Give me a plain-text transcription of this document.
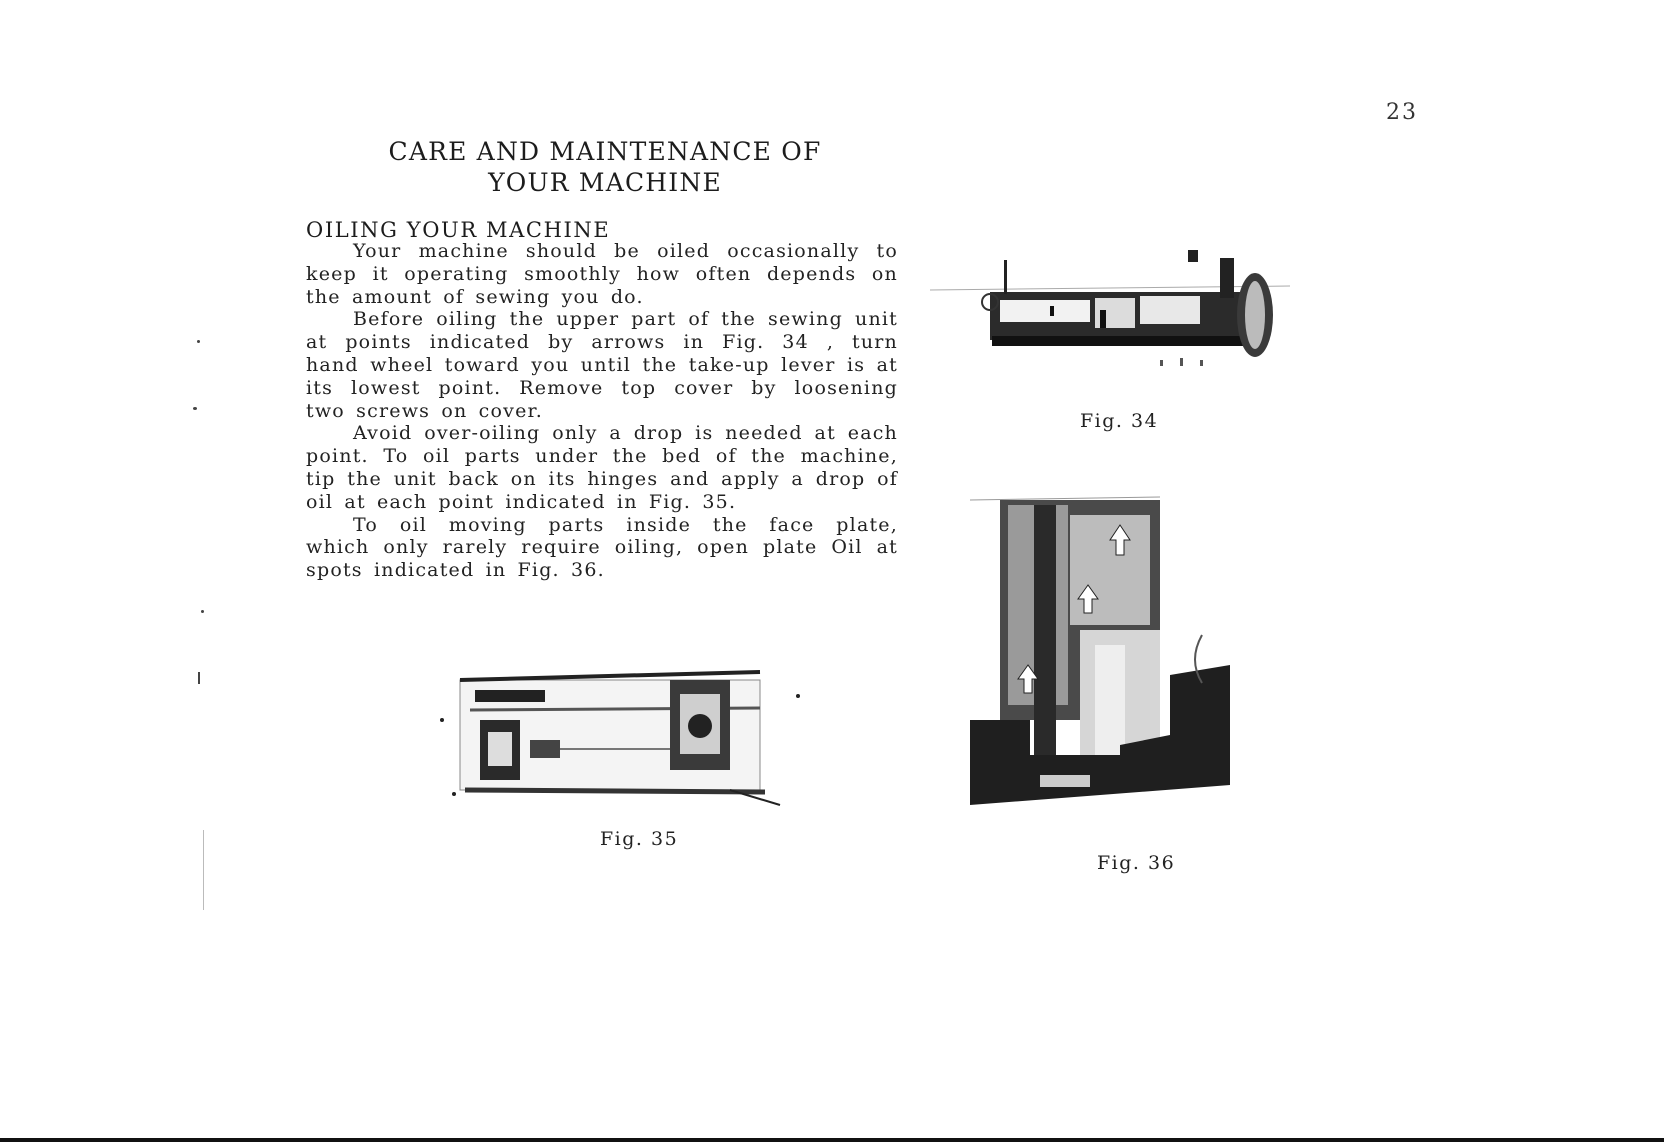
23
CARE AND MAINTENANCE OF
YOUR MACHINE
OILING YOUR MACHINE

Your machine should be oiled occasionally to keep it operating smoothly how often depends on the amount of sewing you do.

Before oiling the upper part of the sewing unit at points indicated by arrows in Fig. 34 , turn hand wheel toward you until the take-up lever is at its lowest point. Remove top cover by loosening two screws on cover.

Avoid over-oiling only a drop is needed at each point. To oil parts under the bed of the machine, tip the unit back on its hinges and apply a drop of oil at each point indicated in Fig. 35.

To oil moving parts inside the face plate, which only rarely require oiling, open plate Oil at spots indicated in Fig. 36.

Fig. 34
Fig. 35
Fig. 36
